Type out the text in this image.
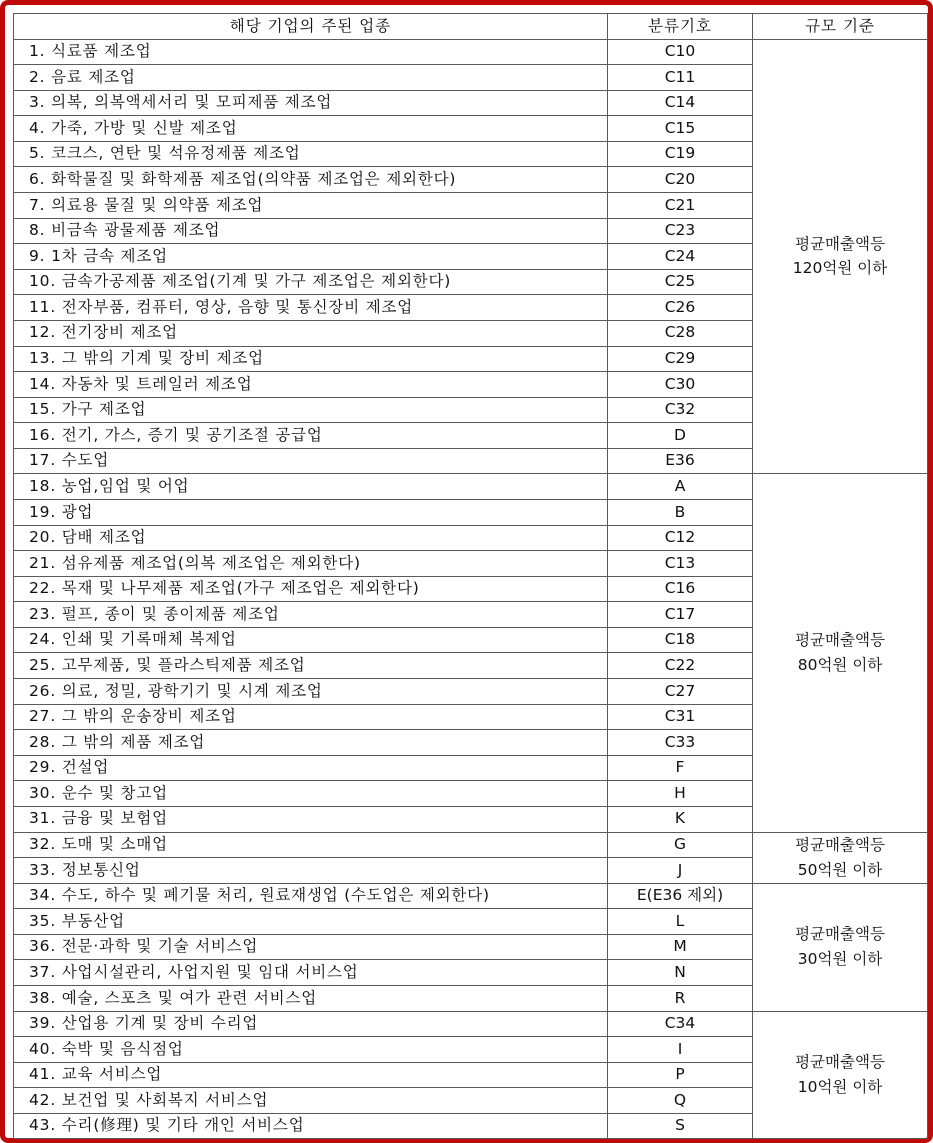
해당 기업의 주된 업종	분류기호	규모 기준
1. 식료품 제조업	C10	평균매출액등
120억원 이하

2. 음료 제조업	C11	
3. 의복, 의복액세서리 및 모피제품 제조업	C14	
4. 가죽, 가방 및 신발 제조업	C15	
5. 코크스, 연탄 및 석유정제품 제조업	C19	
6. 화학물질 및 화학제품 제조업(의약품 제조업은 제외한다)	C20	
7. 의료용 물질 및 의약품 제조업	C21	
8. 비금속 광물제품 제조업	C23	
9. 1차 금속 제조업	C24	
10. 금속가공제품 제조업(기계 및 가구 제조업은 제외한다)	C25	
11. 전자부품, 컴퓨터, 영상, 음향 및 통신장비 제조업	C26	
12. 전기장비 제조업	C28	
13. 그 밖의 기계 및 장비 제조업	C29	
14. 자동차 및 트레일러 제조업	C30	
15. 가구 제조업	C32	
16. 전기, 가스, 증기 및 공기조절 공급업	D	
17. 수도업	E36	
18. 농업,임업 및 어업	A	평균매출액등
80억원 이하

19. 광업	B	
20. 담배 제조업	C12	
21. 섬유제품 제조업(의복 제조업은 제외한다)	C13	
22. 목재 및 나무제품 제조업(가구 제조업은 제외한다)	C16	
23. 펄프, 종이 및 종이제품 제조업	C17	
24. 인쇄 및 기록매체 복제업	C18	
25. 고무제품, 및 플라스틱제품 제조업	C22	
26. 의료, 정밀, 광학기기 및 시계 제조업	C27	
27. 그 밖의 운송장비 제조업	C31	
28. 그 밖의 제품 제조업	C33	
29. 건설업	F	
30. 운수 및 창고업	H	
31. 금융 및 보험업	K	
32. 도매 및 소매업	G	평균매출액등
50억원 이하

33. 정보통신업	J	
34. 수도, 하수 및 폐기물 처리, 원료재생업 (수도업은 제외한다)	E(E36 제외)	평균매출액등
30억원 이하

35. 부동산업	L	
36. 전문·과학 및 기술 서비스업	M	
37. 사업시설관리, 사업지원 및 임대 서비스업	N	
38. 예술, 스포츠 및 여가 관련 서비스업	R	
39. 산업용 기계 및 장비 수리업	C34	평균매출액등
10억원 이하

40. 숙박 및 음식점업	I	
41. 교육 서비스업	P	
42. 보건업 및 사회복지 서비스업	Q	
43. 수리(修理) 및 기타 개인 서비스업	S	
